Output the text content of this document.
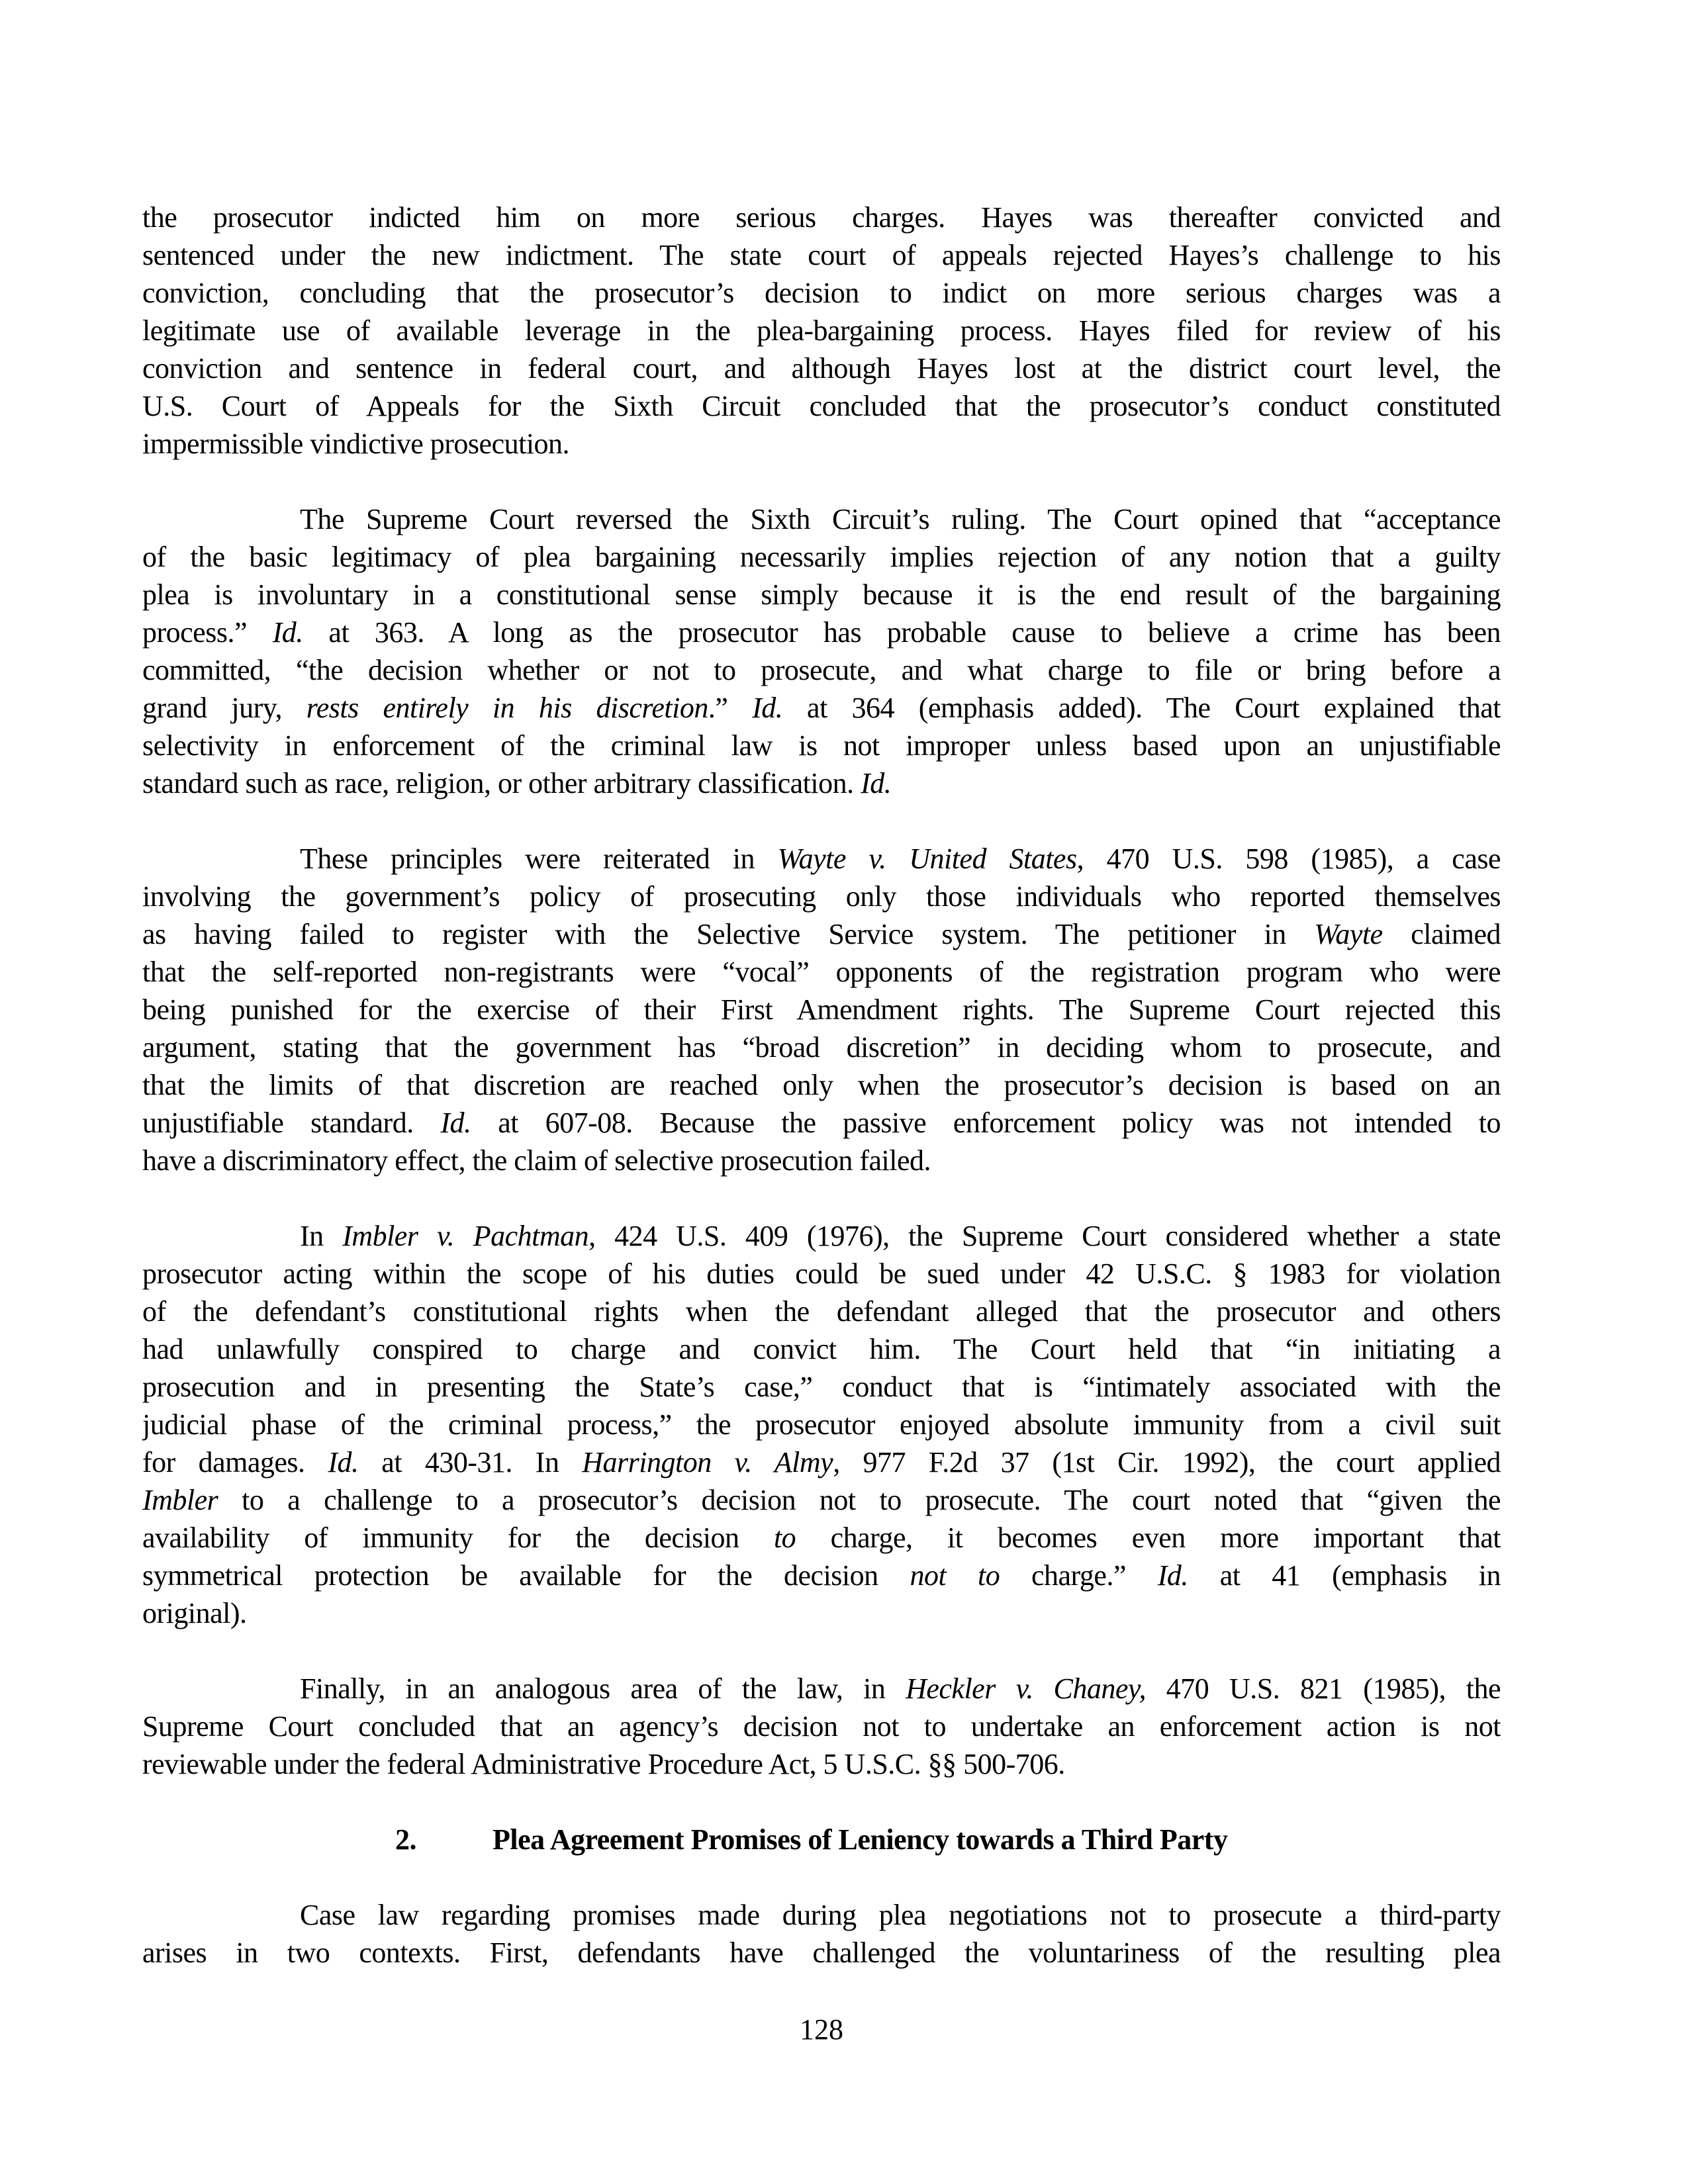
the prosecutor indicted him on more serious charges. Hayes was thereafter convicted and
sentenced under the new indictment. The state court of appeals rejected Hayes’s challenge to his
conviction, concluding that the prosecutor’s decision to indict on more serious charges was a
legitimate use of available leverage in the plea-bargaining process. Hayes filed for review of his
conviction and sentence in federal court, and although Hayes lost at the district court level, the
U.S. Court of Appeals for the Sixth Circuit concluded that the prosecutor’s conduct constituted
impermissible vindictive prosecution.
The Supreme Court reversed the Sixth Circuit’s ruling. The Court opined that “acceptance
of the basic legitimacy of plea bargaining necessarily implies rejection of any notion that a guilty
plea is involuntary in a constitutional sense simply because it is the end result of the bargaining
process.” Id. at 363. A long as the prosecutor has probable cause to believe a crime has been
committed, “the decision whether or not to prosecute, and what charge to file or bring before a
grand jury, rests entirely in his discretion.” Id. at 364 (emphasis added). The Court explained that
selectivity in enforcement of the criminal law is not improper unless based upon an unjustifiable
standard such as race, religion, or other arbitrary classification. Id.
These principles were reiterated in Wayte v. United States, 470 U.S. 598 (1985), a case
involving the government’s policy of prosecuting only those individuals who reported themselves
as having failed to register with the Selective Service system. The petitioner in Wayte claimed
that the self-reported non-registrants were “vocal” opponents of the registration program who were
being punished for the exercise of their First Amendment rights. The Supreme Court rejected this
argument, stating that the government has “broad discretion” in deciding whom to prosecute, and
that the limits of that discretion are reached only when the prosecutor’s decision is based on an
unjustifiable standard. Id. at 607-08. Because the passive enforcement policy was not intended to
have a discriminatory effect, the claim of selective prosecution failed.
In Imbler v. Pachtman, 424 U.S. 409 (1976), the Supreme Court considered whether a state
prosecutor acting within the scope of his duties could be sued under 42 U.S.C. § 1983 for violation
of the defendant’s constitutional rights when the defendant alleged that the prosecutor and others
had unlawfully conspired to charge and convict him. The Court held that “in initiating a
prosecution and in presenting the State’s case,” conduct that is “intimately associated with the
judicial phase of the criminal process,” the prosecutor enjoyed absolute immunity from a civil suit
for damages. Id. at 430-31. In Harrington v. Almy, 977 F.2d 37 (1st Cir. 1992), the court applied
Imbler to a challenge to a prosecutor’s decision not to prosecute. The court noted that “given the
availability of immunity for the decision to charge, it becomes even more important that
symmetrical protection be available for the decision not to charge.” Id. at 41 (emphasis in
original).
Finally, in an analogous area of the law, in Heckler v. Chaney, 470 U.S. 821 (1985), the
Supreme Court concluded that an agency’s decision not to undertake an enforcement action is not
reviewable under the federal Administrative Procedure Act, 5 U.S.C. §§ 500-706.
2.	Plea Agreement Promises of Leniency towards a Third Party
Case law regarding promises made during plea negotiations not to prosecute a third-party
arises in two contexts. First, defendants have challenged the voluntariness of the resulting plea
128
